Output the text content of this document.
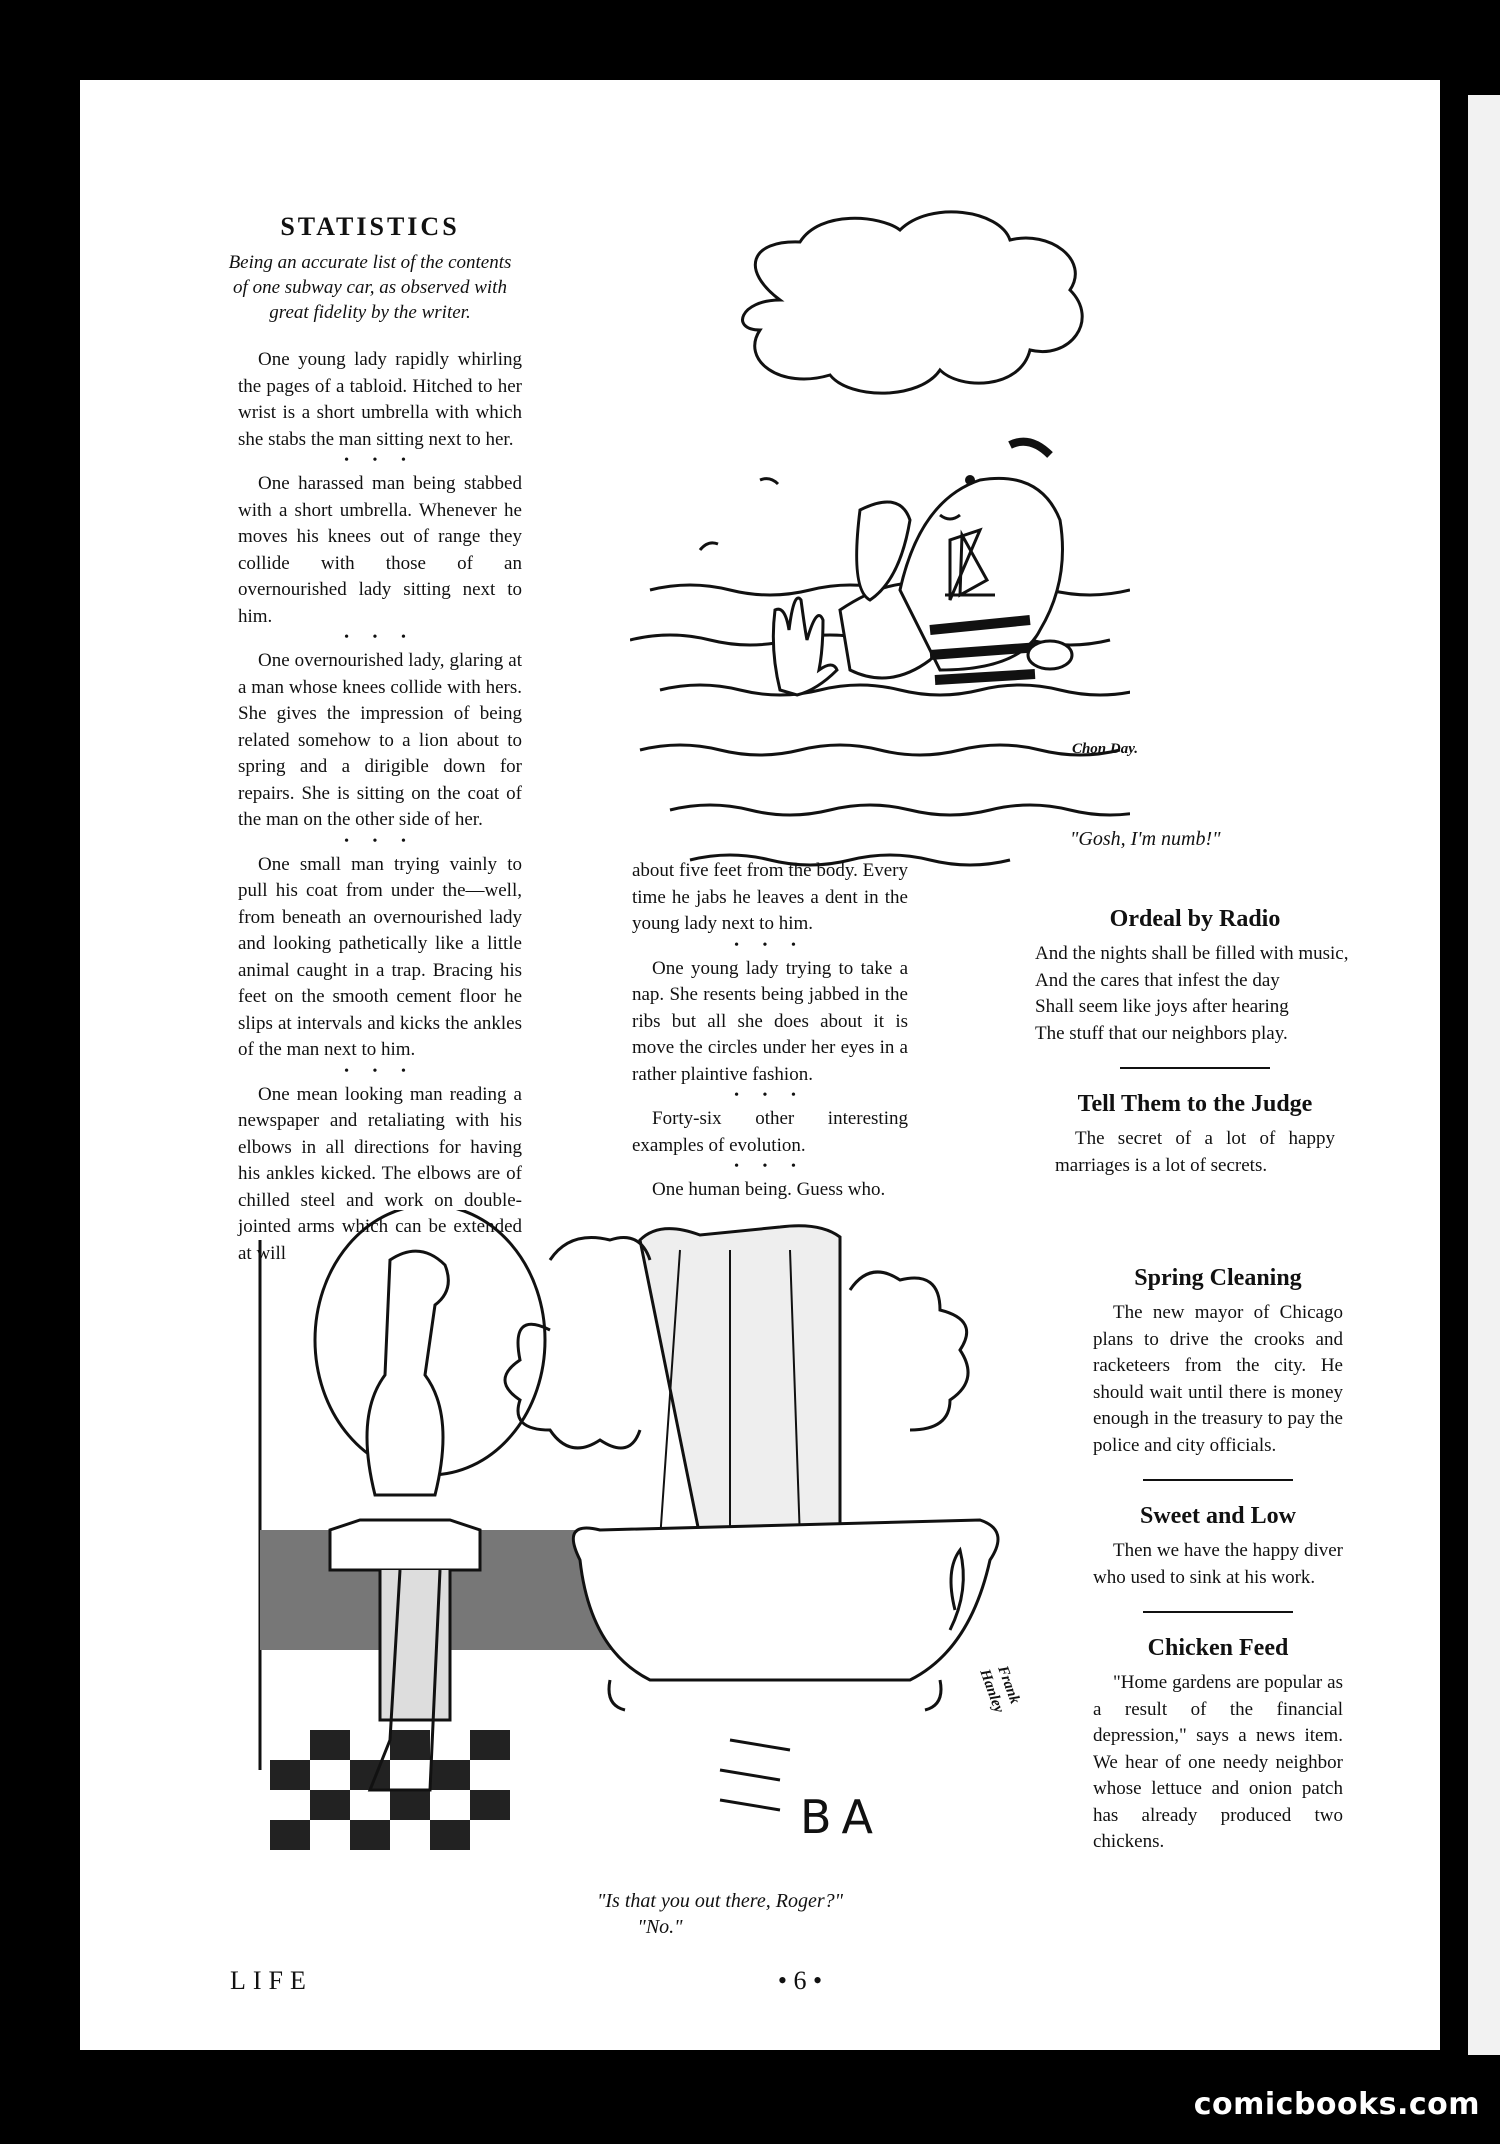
STATISTICS
Being an accurate list of the contents of one subway car, as observed with great fidelity by the writer.

One young lady rapidly whirling the pages of a tabloid. Hitched to her wrist is a short umbrella with which she stabs the man sitting next to her.

• • •

One harassed man being stabbed with a short umbrella. Whenever he moves his knees out of range they collide with those of an overnourished lady sitting next to him.

• • •

One overnourished lady, glaring at a man whose knees collide with hers. She gives the impression of being related somehow to a lion about to spring and a dirigible down for repairs. She is sitting on the coat of the man on the other side of her.

• • •

One small man trying vainly to pull his coat from under the—well, from beneath an overnourished lady and looking pathetically like a little animal caught in a trap. Bracing his feet on the smooth cement floor he slips at intervals and kicks the ankles of the man next to him.

• • •

One mean looking man reading a newspaper and retaliating with his elbows in all directions for having his ankles kicked. The elbows are of chilled steel and work on double-jointed arms which can be extended at will

Chon Day.
"Gosh, I'm numb!"

about five feet from the body. Every time he jabs he leaves a dent in the young lady next to him.

• • •

One young lady trying to take a nap. She resents being jabbed in the ribs but all she does about it is move the circles under her eyes in a rather plaintive fashion.

• • •

Forty-six other interesting examples of evolution.

• • •

One human being. Guess who.

Ordeal by Radio
And the nights shall be filled with music,
And the cares that infest the day
Shall seem like joys after hearing
The stuff that our neighbors play.
Tell Them to the Judge

The secret of a lot of happy marriages is a lot of secrets.

Spring Cleaning

The new mayor of Chicago plans to drive the crooks and racketeers from the city. He should wait until there is money enough in the treasury to pay the police and city officials.

Sweet and Low

Then we have the happy diver who used to sink at his work.

Chicken Feed

"Home gardens are popular as a result of the financial depression," says a news item. We hear of one needy neighbor whose lettuce and onion patch has already produced two chickens.

BA
Frank Hanley
"Is that you out there, Roger?"
"No."
LIFE	• 6 •
comicbooks.com
